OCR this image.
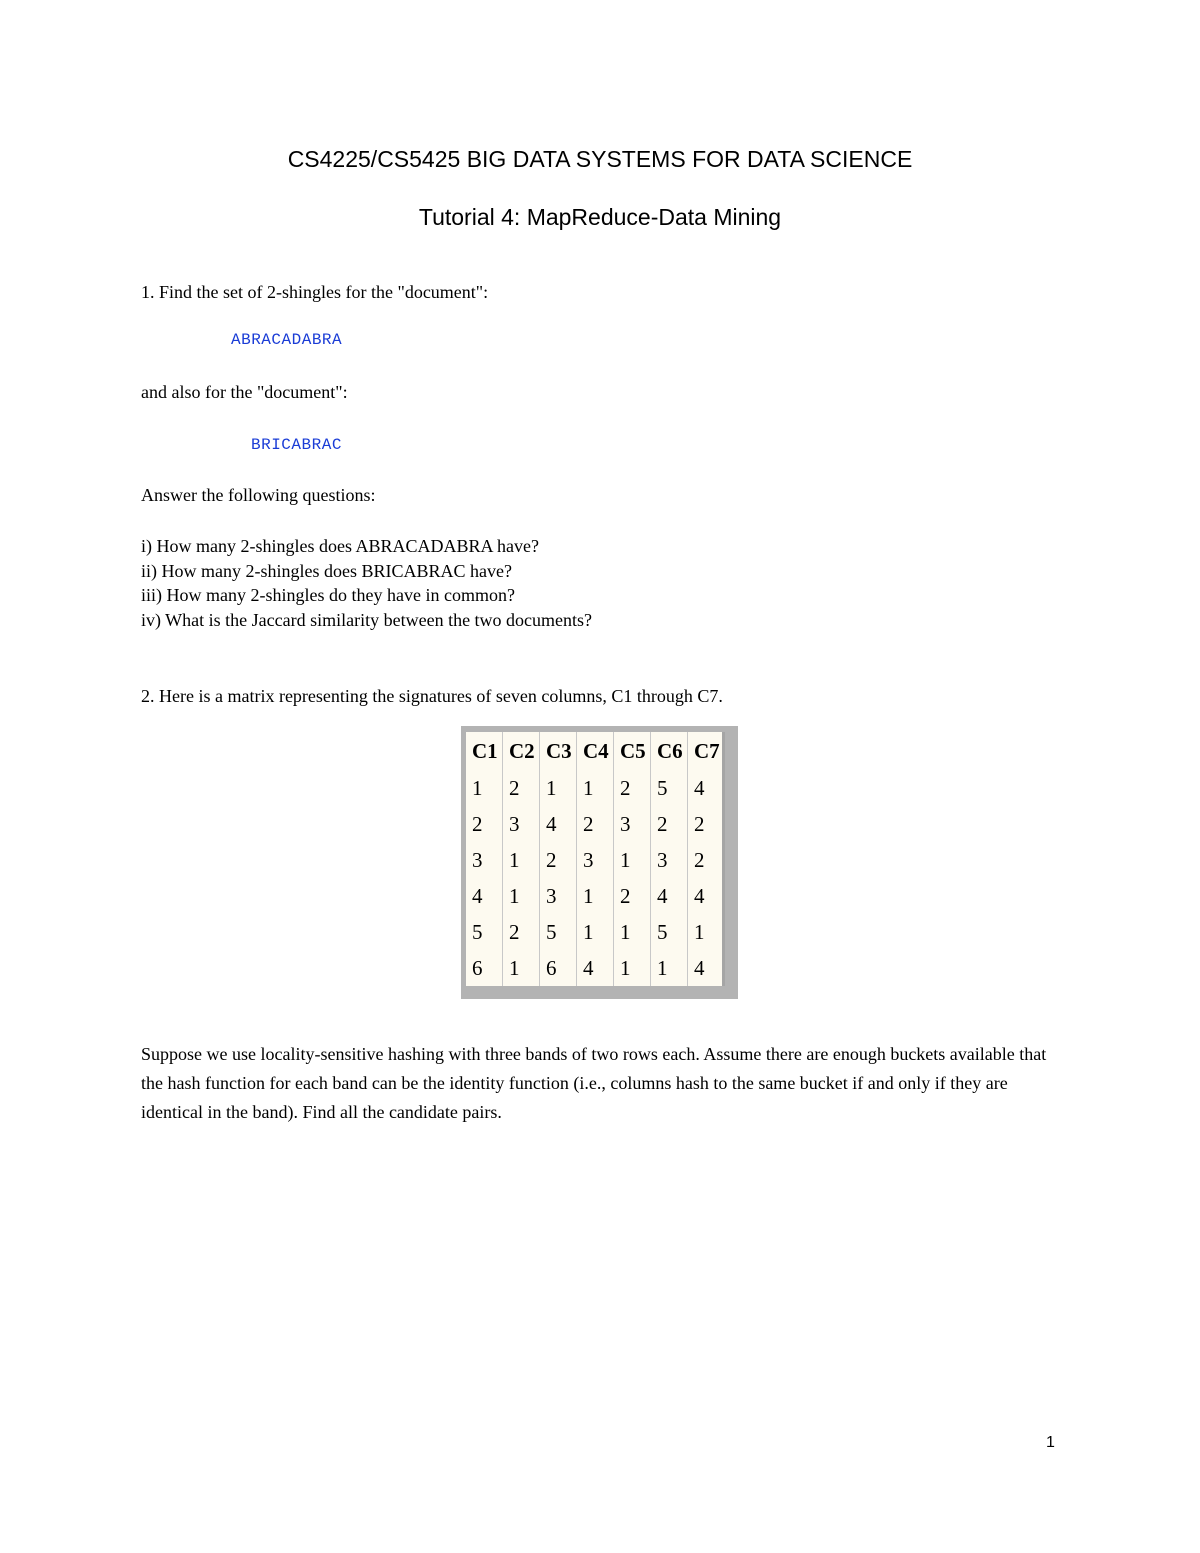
CS4225/CS5425 BIG DATA SYSTEMS FOR DATA SCIENCE
Tutorial 4: MapReduce-Data Mining
1. Find the set of 2-shingles for the "document":
ABRACADABRA
and also for the "document":
BRICABRAC
Answer the following questions:
i) How many 2-shingles does ABRACADABRA have?
ii) How many 2-shingles does BRICABRAC have?
iii) How many 2-shingles do they have in common?
iv) What is the Jaccard similarity between the two documents?
2. Here is a matrix representing the signatures of seven columns, C1 through C7.
C1	C2	C3	C4	C5	C6	C7
1	2	1	1	2	5	4
2	3	4	2	3	2	2
3	1	2	3	1	3	2
4	1	3	1	2	4	4
5	2	5	1	1	5	1
6	1	6	4	1	1	4
Suppose we use locality-sensitive hashing with three bands of two rows each. Assume there are enough buckets available that the hash function for each band can be the identity function (i.e., columns hash to the same bucket if and only if they are identical in the band). Find all the candidate pairs.
1
